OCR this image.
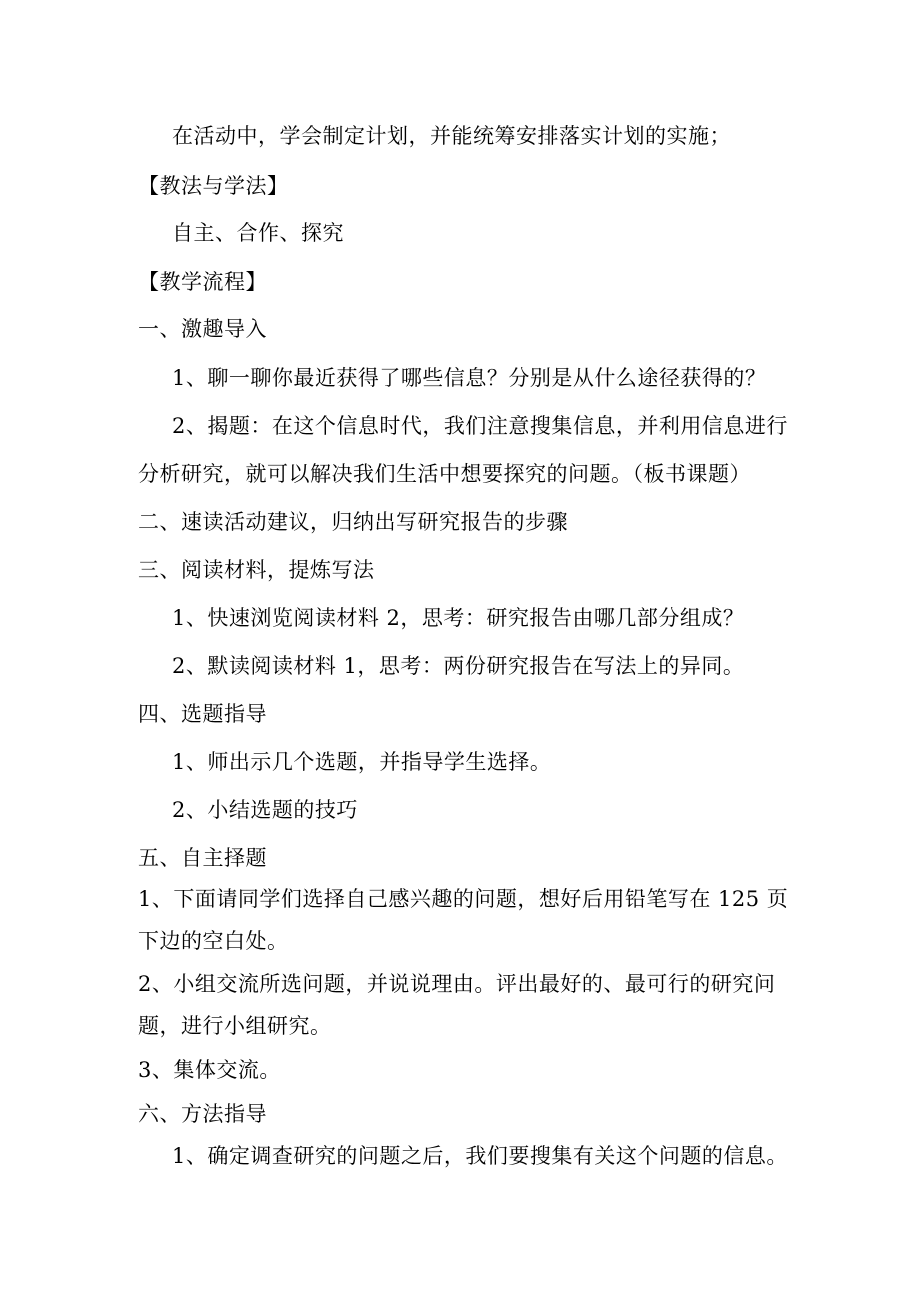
在活动中，学会制定计划，并能统筹安排落实计划的实施；
【教法与学法】
自主、合作、探究
【教学流程】
一、激趣导入
1、聊一聊你最近获得了哪些信息？分别是从什么途径获得的？
2、揭题：在这个信息时代，我们注意搜集信息，并利用信息进行
分析研究，就可以解决我们生活中想要探究的问题。（板书课题）
二、速读活动建议，归纳出写研究报告的步骤
三、阅读材料，提炼写法
1、快速浏览阅读材料 2，思考：研究报告由哪几部分组成？
2、默读阅读材料 1，思考：两份研究报告在写法上的异同。
四、选题指导
1、师出示几个选题，并指导学生选择。
2、小结选题的技巧
五、自主择题
1、下面请同学们选择自己感兴趣的问题，想好后用铅笔写在 125 页
下边的空白处。
2、小组交流所选问题，并说说理由。评出最好的、最可行的研究问
题，进行小组研究。
3、集体交流。
六、方法指导
1、确定调查研究的问题之后，我们要搜集有关这个问题的信息。
